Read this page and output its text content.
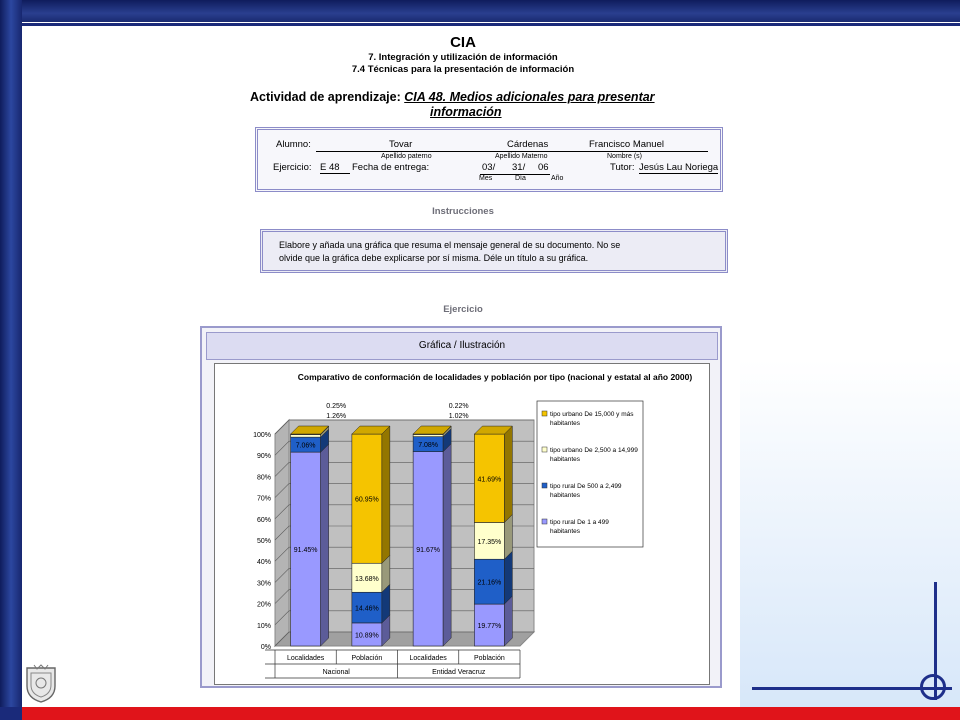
CIA
7. Integración y utilización de información
7.4 Técnicas para la presentación de información
Actividad de aprendizaje: CIA 48. Medios adicionales para presentar
información
Alumno:	Tovar	Cárdenas	Francisco Manuel
Apellido paterno	Apellido Materno	Nombre (s)
Ejercicio: E 48	Fecha de entrega:	03/ 31/ 06
Mes	Día	Año
Tutor: Jesús Lau Noriega
Instrucciones
Elabore y añada una gráfica que resuma el mensaje general de su documento. No se
olvide que la gráfica debe explicarse por sí misma. Déle un título a su gráfica.
Ejercicio
Gráfica / Ilustración
Comparativo de conformación de localidades y población por tipo (nacional y estatal al año 2000)
0%
10%
20%
30%
40%
50%
60%
70%
80%
90%
100%
91.45%
7.06%
10.89%
14.46%
13.68%
60.95%
91.67%
7.08%
19.77%
21.16%
17.35%
41.69%
0.25%
1.26%
0.22%
1.02%
Localidades	Población	Localidades	Población
Nacional	Entidad Veracruz
tipo urbano De 15,000 y más
habitantes
tipo urbano De 2,500 a 14,999
habitantes
tipo rural De 500 a 2,499
habitantes
tipo rural De 1 a 499
habitantes
